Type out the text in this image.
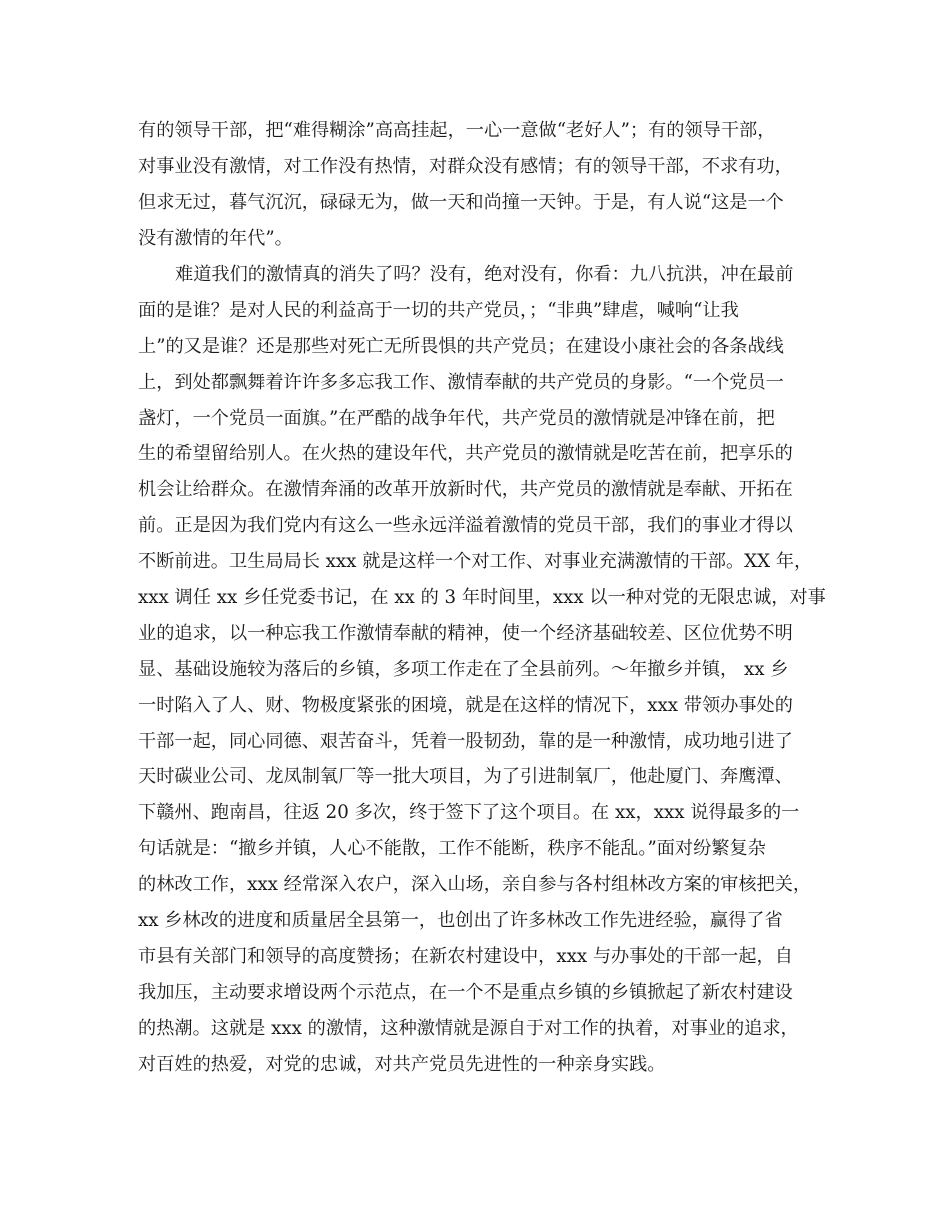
有的领导干部，把“难得糊涂”高高挂起，一心一意做“老好人”；有的领导干部，
对事业没有激情，对工作没有热情，对群众没有感情；有的领导干部，不求有功，
但求无过，暮气沉沉，碌碌无为，做一天和尚撞一天钟。于是，有人说“这是一个
没有激情的年代”。
难道我们的激情真的消失了吗？没有，绝对没有，你看：九八抗洪，冲在最前
面的是谁？是对人民的利益高于一切的共产党员，；“非典”肆虐，喊响“让我
上”的又是谁？还是那些对死亡无所畏惧的共产党员；在建设小康社会的各条战线
上，到处都飘舞着许许多多忘我工作、激情奉献的共产党员的身影。“一个党员一
盏灯，一个党员一面旗。”在严酷的战争年代，共产党员的激情就是冲锋在前，把
生的希望留给别人。在火热的建设年代，共产党员的激情就是吃苦在前，把享乐的
机会让给群众。在激情奔涌的改革开放新时代，共产党员的激情就是奉献、开拓在
前。正是因为我们党内有这么一些永远洋溢着激情的党员干部，我们的事业才得以
不断前进。卫生局局长 xxx 就是这样一个对工作、对事业充满激情的干部。XX 年，
xxx 调任 xx 乡任党委书记，在 xx 的 3 年时间里，xxx 以一种对党的无限忠诚，对事
业的追求，以一种忘我工作激情奉献的精神，使一个经济基础较差、区位优势不明
显、基础设施较为落后的乡镇，多项工作走在了全县前列。～年撤乡并镇， xx 乡
一时陷入了人、财、物极度紧张的困境，就是在这样的情况下，xxx 带领办事处的
干部一起，同心同德、艰苦奋斗，凭着一股韧劲，靠的是一种激情，成功地引进了
天时碳业公司、龙凤制氧厂等一批大项目，为了引进制氧厂，他赴厦门、奔鹰潭、
下赣州、跑南昌，往返 20 多次，终于签下了这个项目。在 xx，xxx 说得最多的一
句话就是：“撤乡并镇，人心不能散，工作不能断，秩序不能乱。”面对纷繁复杂
的林改工作，xxx 经常深入农户，深入山场，亲自参与各村组林改方案的审核把关，
xx 乡林改的进度和质量居全县第一，也创出了许多林改工作先进经验，赢得了省
市县有关部门和领导的高度赞扬；在新农村建设中，xxx 与办事处的干部一起，自
我加压，主动要求增设两个示范点，在一个不是重点乡镇的乡镇掀起了新农村建设
的热潮。这就是 xxx 的激情，这种激情就是源自于对工作的执着，对事业的追求，
对百姓的热爱，对党的忠诚，对共产党员先进性的一种亲身实践。
